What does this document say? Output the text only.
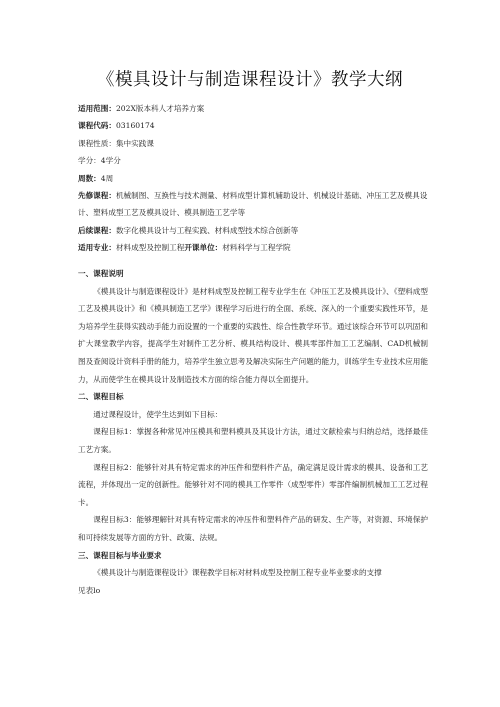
《模具设计与制造课程设计》教学大纲
适用范围：202X版本科人才培养方案
课程代码：03160174
课程性质：集中实践课
学分：4学分
周数：4周
先修课程：机械制图、互换性与技术测量、材料成型计算机辅助设计、机械设计基础、冲压工艺及模具设计、塑料成型工艺及模具设计、模具制造工艺学等
后续课程：数字化模具设计与工程实践、材料成型技术综合创新等
适用专业：材料成型及控制工程开课单位：材料科学与工程学院
一、课程说明

《模具设计与制造课程设计》是材料成型及控制工程专业学生在《冲压工艺及模具设计》、《塑料成型工艺及模具设计》和《模具制造工艺学》课程学习后进行的全面、系统、深入的一个重要实践性环节，是为培养学生获得实践动手能力而设置的一个重要的实践性、综合性教学环节。通过该综合环节可以巩固和扩大课堂教学内容，提高学生对制件工艺分析、模具结构设计、模具零部件加工工艺编制、CAD机械制图及查阅设计资料手册的能力，培养学生独立思考及解决实际生产问题的能力，训练学生专业技术应用能力，从而使学生在模具设计及制造技术方面的综合能力得以全面提升。

二、课程目标

通过课程设计，使学生达到如下目标：

课程目标1：掌握各种常见冲压模具和塑料模具及其设计方法，通过文献检索与归纳总结，选择最佳工艺方案。

课程目标2：能够针对具有特定需求的冲压件和塑料件产品，确定满足设计需求的模具、设备和工艺流程，并体现出一定的创新性。能够针对不同的模具工作零件（成型零件）零部件编制机械加工工艺过程卡。

课程目标3：能够理解针对具有特定需求的冲压件和塑料件产品的研发、生产等，对资源、环境保护和可持续发展等方面的方针、政策、法规。

三、课程目标与毕业要求

《模具设计与制造课程设计》课程教学目标对材料成型及控制工程专业毕业要求的支撑

见表lo
